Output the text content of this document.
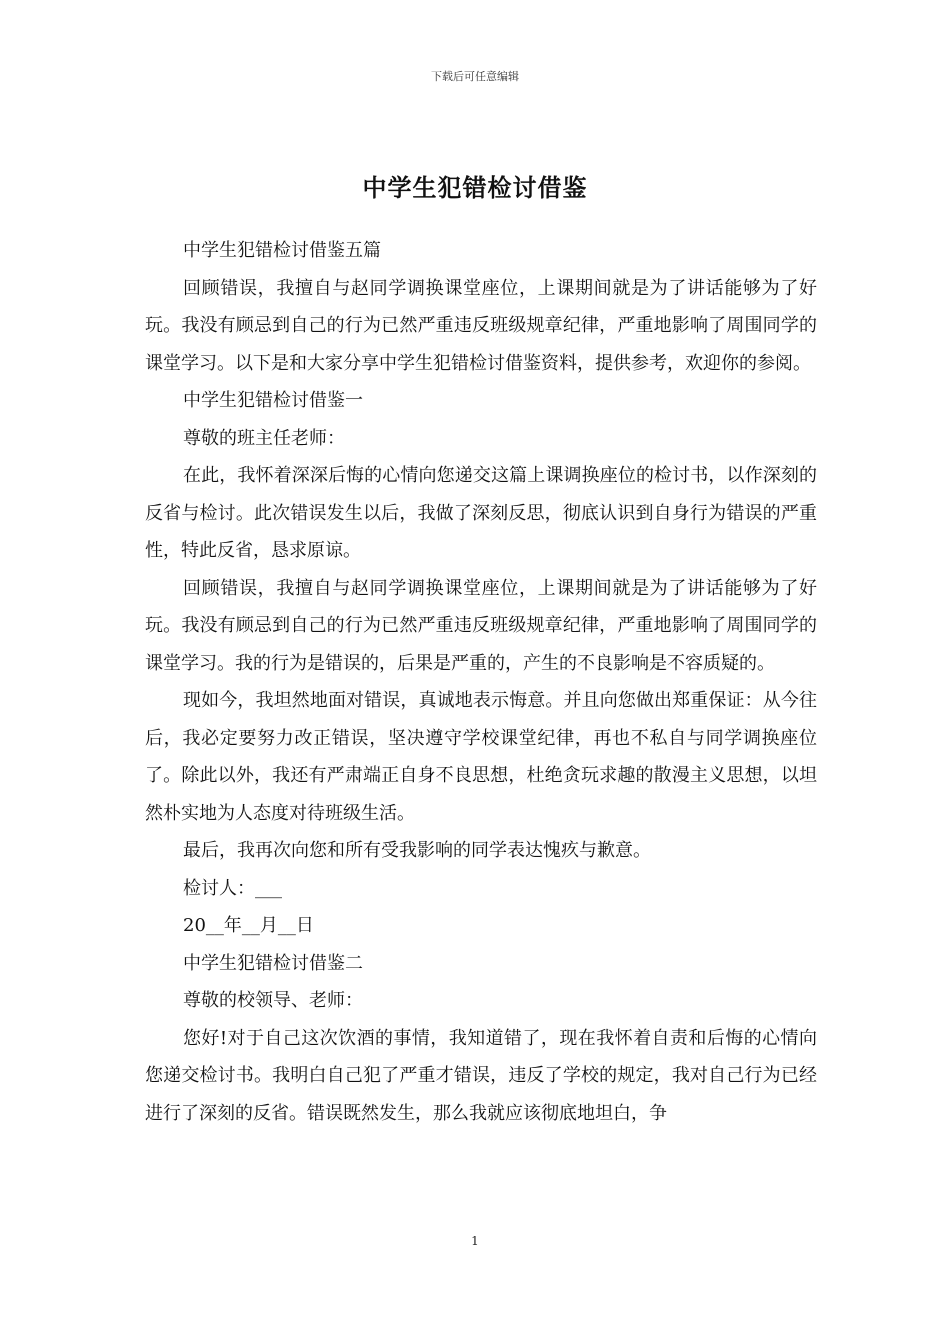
下载后可任意编辑
中学生犯错检讨借鉴

中学生犯错检讨借鉴五篇

回顾错误，我擅自与赵同学调换课堂座位，上课期间就是为了讲话能够为了好玩。我没有顾忌到自己的行为已然严重违反班级规章纪律，严重地影响了周围同学的课堂学习。以下是和大家分享中学生犯错检讨借鉴资料，提供参考，欢迎你的参阅。

中学生犯错检讨借鉴一

尊敬的班主任老师：

在此，我怀着深深后悔的心情向您递交这篇上课调换座位的检讨书，以作深刻的反省与检讨。此次错误发生以后，我做了深刻反思，彻底认识到自身行为错误的严重性，特此反省，恳求原谅。

回顾错误，我擅自与赵同学调换课堂座位，上课期间就是为了讲话能够为了好玩。我没有顾忌到自己的行为已然严重违反班级规章纪律，严重地影响了周围同学的课堂学习。我的行为是错误的，后果是严重的，产生的不良影响是不容质疑的。

现如今，我坦然地面对错误，真诚地表示悔意。并且向您做出郑重保证：从今往后，我必定要努力改正错误，坚决遵守学校课堂纪律，再也不私自与同学调换座位了。除此以外，我还有严肃端正自身不良思想，杜绝贪玩求趣的散漫主义思想，以坦然朴实地为人态度对待班级生活。

最后，我再次向您和所有受我影响的同学表达愧疚与歉意。

检讨人：___

20__年__月__日

中学生犯错检讨借鉴二

尊敬的校领导、老师：

您好!对于自己这次饮酒的事情，我知道错了，现在我怀着自责和后悔的心情向您递交检讨书。我明白自己犯了严重才错误，违反了学校的规定，我对自己行为已经进行了深刻的反省。错误既然发生，那么我就应该彻底地坦白，争

1
